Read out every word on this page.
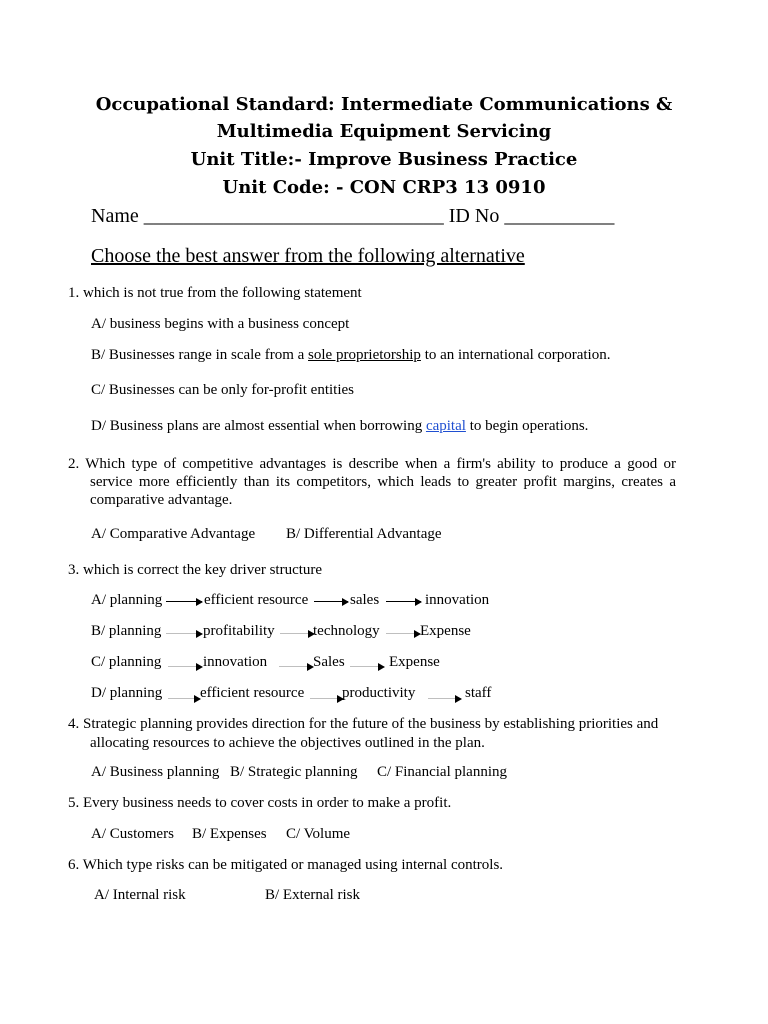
Occupational Standard: Intermediate Communications &
Multimedia Equipment Servicing
Unit Title:- Improve Business Practice
Unit Code: - CON CRP3 13 0910
Name ______________________________ ID No ___________
Choose the best answer from the following alternative
1. which is not true from the following statement
A/ business begins with a business concept
B/ Businesses range in scale from a sole proprietorship to an international corporation.
C/ Businesses can be only for-profit entities
D/ Business plans are almost essential when borrowing capital to begin operations.
2. Which type of competitive advantages is describe when a firm's ability to produce a good or service more efficiently than its competitors, which leads to greater profit margins, creates a comparative advantage.
A/ Comparative Advantage B/ Differential Advantage
3. which is correct the key driver structure
A/ planning	efficient resource	sales	innovation
B/ planning	profitability	technology	Expense
C/ planning	innovation	Sales	Expense
D/ planning	efficient resource	productivity	staff
4. Strategic planning provides direction for the future of the business by establishing priorities and allocating resources to achieve the objectives outlined in the plan.
A/ Business planning B/ Strategic planning C/ Financial planning
5. Every business needs to cover costs in order to make a profit.
A/ Customers B/ Expenses C/ Volume
6. Which type risks can be mitigated or managed using internal controls.
A/ Internal risk	B/ External risk
